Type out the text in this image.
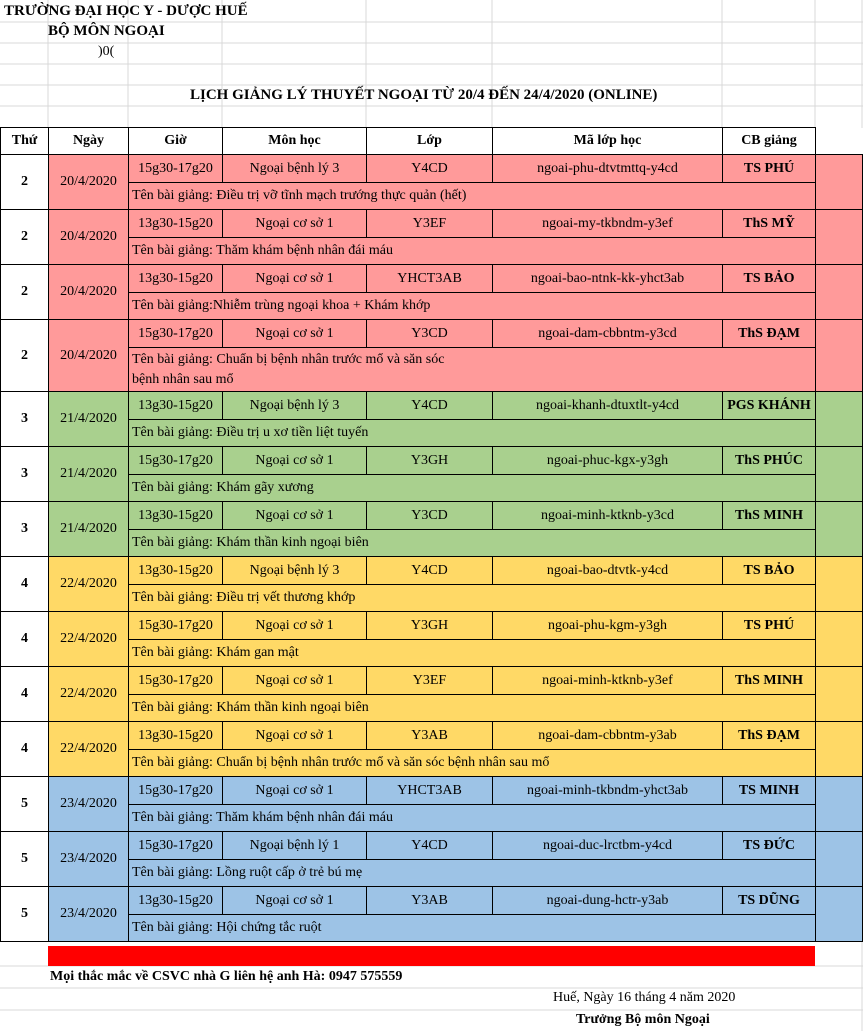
TRƯỜNG ĐẠI HỌC Y - DƯỢC HUẾ
BỘ MÔN NGOẠI
)0(
LỊCH GIẢNG LÝ THUYẾT NGOẠI TỪ 20/4 ĐẾN 24/4/2020 (ONLINE)
Thứ	Ngày	Giờ	Môn học	Lớp	Mã lớp học	CB giảng	
2	20/4/2020	15g30-17g20	Ngoại bệnh lý 3	Y4CD	ngoai-phu-dtvtmttq-y4cd	TS PHÚ	
		Tên bài giảng: Điều trị vỡ tĩnh mạch trướng thực quản (hết)					
2	20/4/2020	13g30-15g20	Ngoại cơ sở 1	Y3EF	ngoai-my-tkbndm-y3ef	ThS MỸ	
		Tên bài giảng: Thăm khám bệnh nhân đái máu					
2	20/4/2020	13g30-15g20	Ngoại cơ sở 1	YHCT3AB	ngoai-bao-ntnk-kk-yhct3ab	TS BẢO	
		Tên bài giảng:Nhiễm trùng ngoại khoa + Khám khớp					
2	20/4/2020	15g30-17g20	Ngoại cơ sở 1	Y3CD	ngoai-dam-cbbntm-y3cd	ThS ĐẠM	
		Tên bài giảng: Chuẩn bị bệnh nhân trước mổ và săn sóc bệnh nhân sau mổ					
3	21/4/2020	13g30-15g20	Ngoại bệnh lý 3	Y4CD	ngoai-khanh-dtuxtlt-y4cd	PGS KHÁNH	
		Tên bài giảng: Điều trị u xơ tiền liệt tuyến					
3	21/4/2020	15g30-17g20	Ngoại cơ sở 1	Y3GH	ngoai-phuc-kgx-y3gh	ThS PHÚC	
		Tên bài giảng: Khám gãy xương					
3	21/4/2020	13g30-15g20	Ngoại cơ sở 1	Y3CD	ngoai-minh-ktknb-y3cd	ThS MINH	
		Tên bài giảng: Khám thần kinh ngoại biên					
4	22/4/2020	13g30-15g20	Ngoại bệnh lý 3	Y4CD	ngoai-bao-dtvtk-y4cd	TS BẢO	
		Tên bài giảng: Điều trị vết thương khớp					
4	22/4/2020	15g30-17g20	Ngoại cơ sở 1	Y3GH	ngoai-phu-kgm-y3gh	TS PHÚ	
		Tên bài giảng: Khám gan mật					
4	22/4/2020	15g30-17g20	Ngoại cơ sở 1	Y3EF	ngoai-minh-ktknb-y3ef	ThS MINH	
		Tên bài giảng: Khám thần kinh ngoại biên					
4	22/4/2020	13g30-15g20	Ngoại cơ sở 1	Y3AB	ngoai-dam-cbbntm-y3ab	ThS ĐẠM	
		Tên bài giảng: Chuẩn bị bệnh nhân trước mổ và săn sóc bệnh nhân sau mổ					
5	23/4/2020	15g30-17g20	Ngoại cơ sở 1	YHCT3AB	ngoai-minh-tkbndm-yhct3ab	TS MINH	
		Tên bài giảng: Thăm khám bệnh nhân đái máu					
5	23/4/2020	15g30-17g20	Ngoại bệnh lý 1	Y4CD	ngoai-duc-lrctbm-y4cd	TS ĐỨC	
		Tên bài giảng: Lồng ruột cấp ở trẻ bú mẹ					
5	23/4/2020	13g30-15g20	Ngoại cơ sở 1	Y3AB	ngoai-dung-hctr-y3ab	TS DŨNG	
		Tên bài giảng: Hội chứng tắc ruột					
Mọi thắc mắc về CSVC nhà G liên hệ anh Hà: 0947 575559
Huế, Ngày 16 tháng 4 năm 2020
Trưởng Bộ môn Ngoại
